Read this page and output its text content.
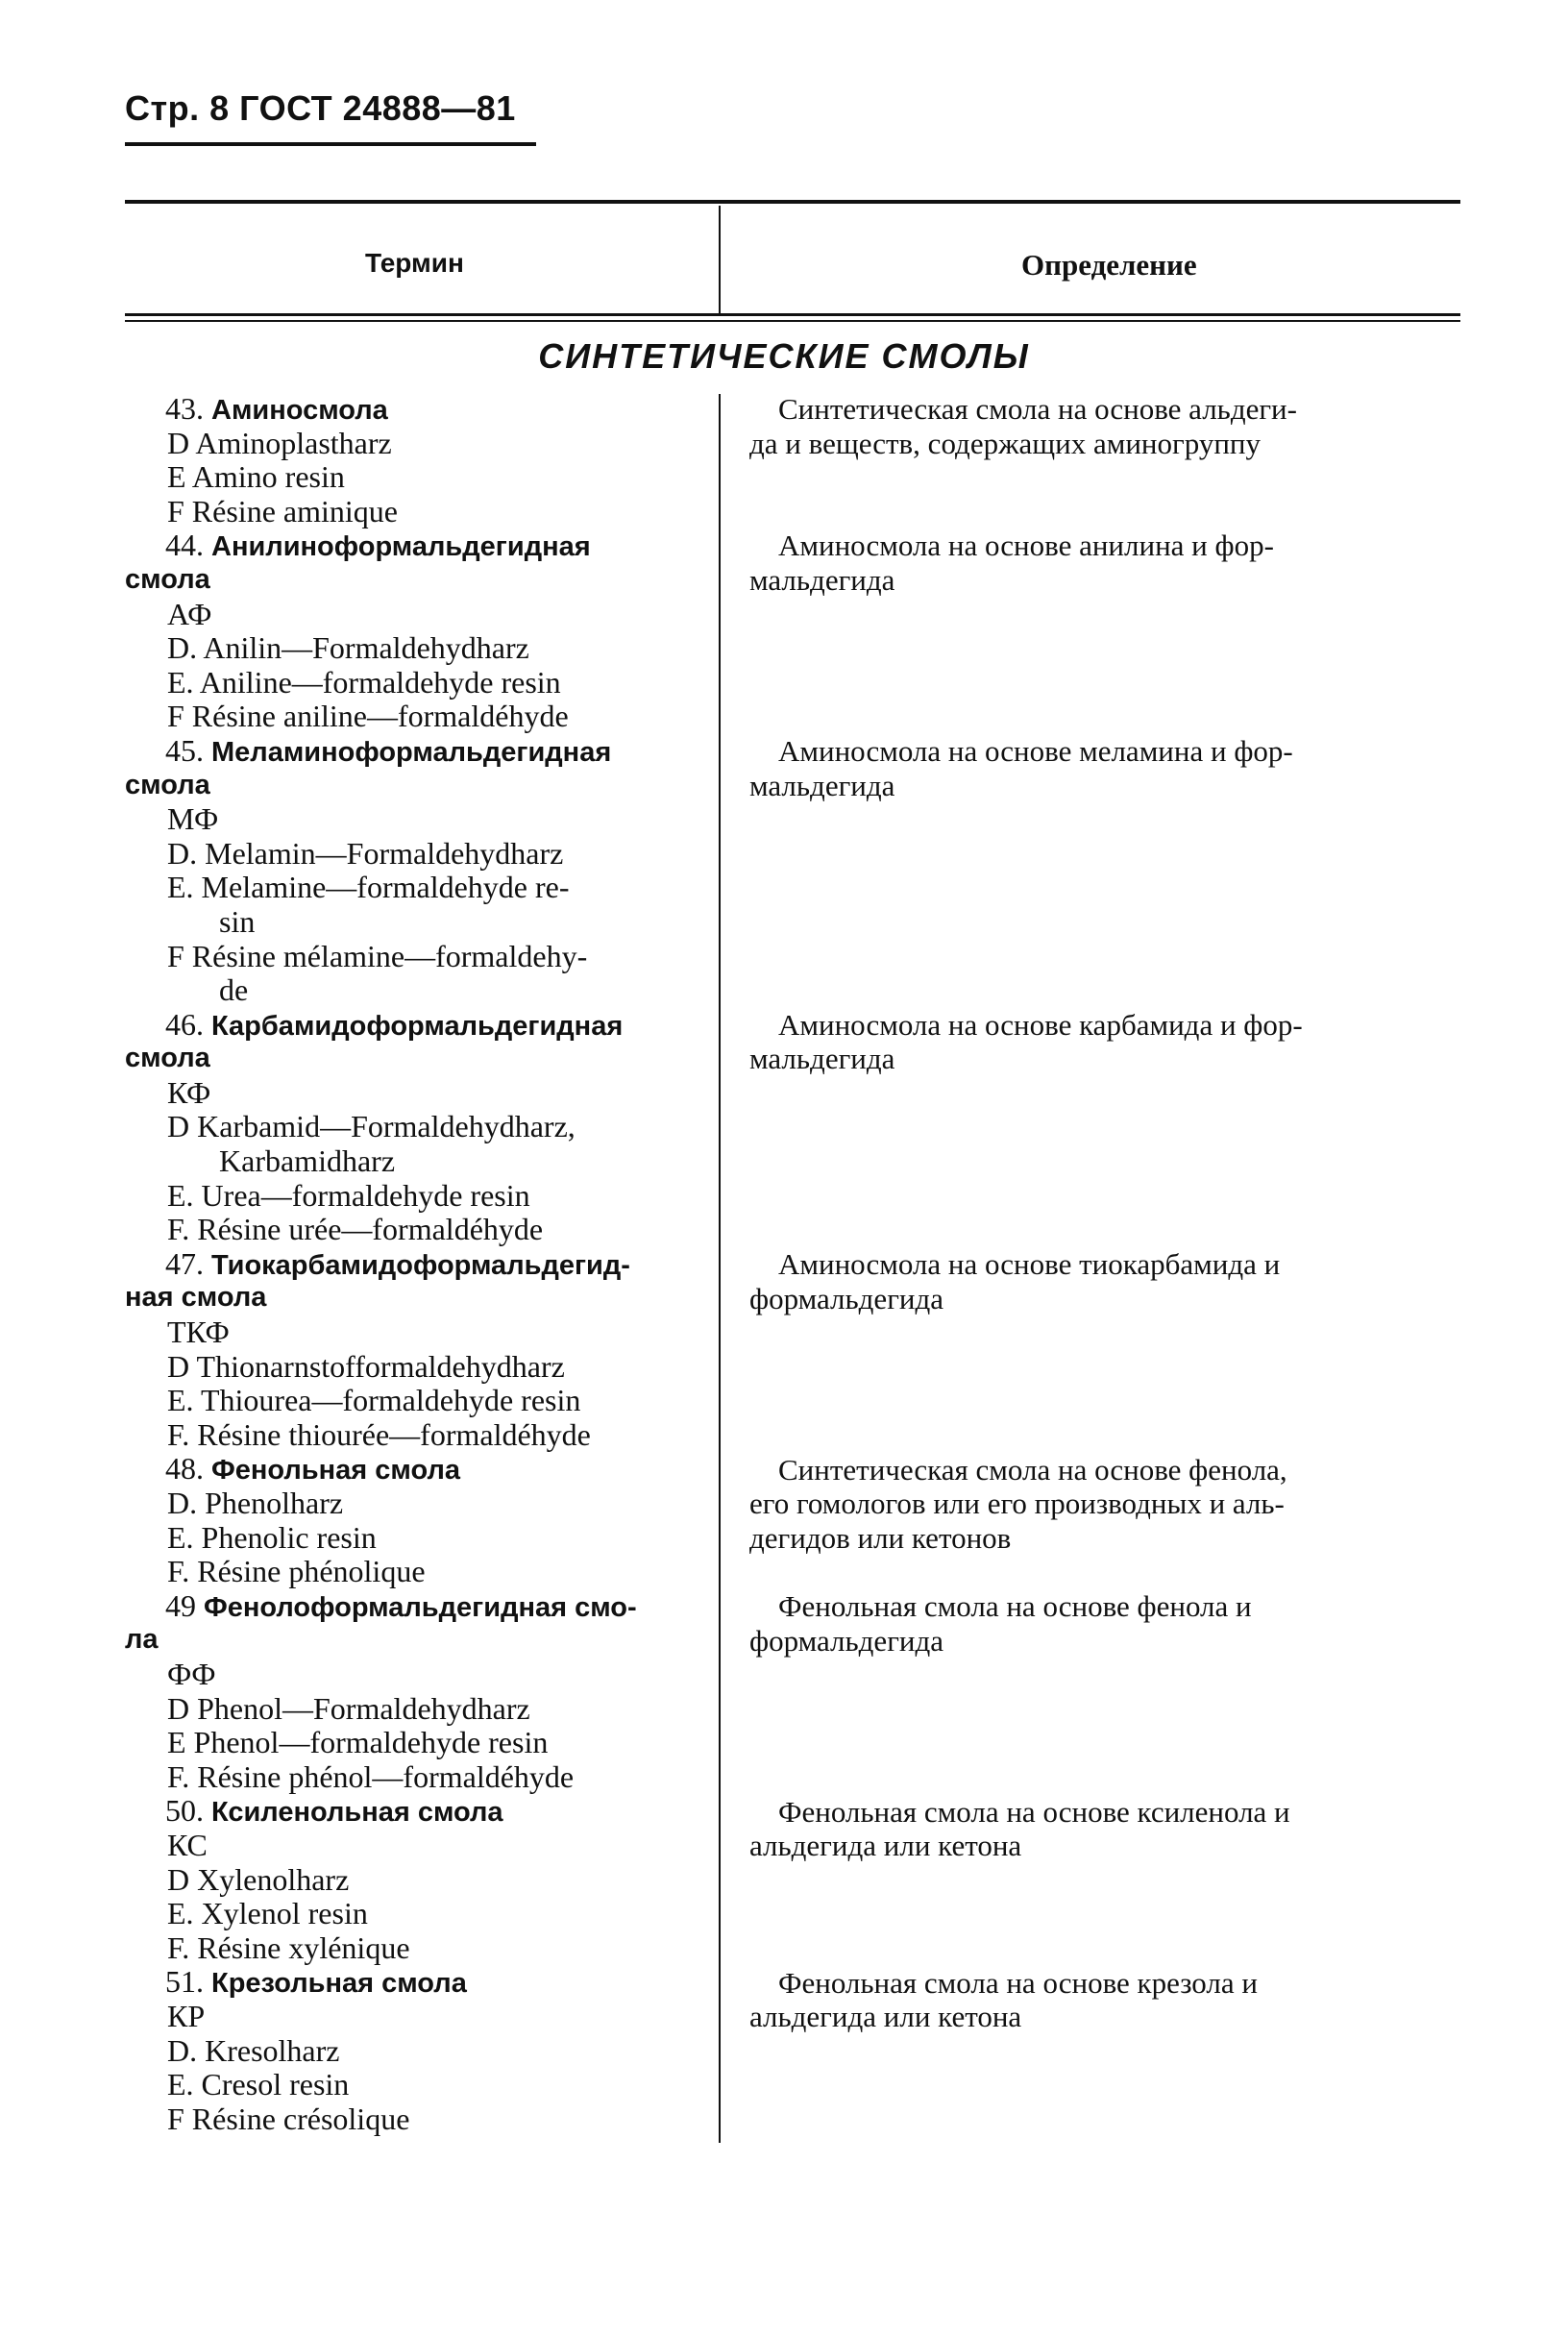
Стр. 8 ГОСТ 24888—81
Термин	Определение
СИНТЕТИЧЕСКИЕ СМОЛЫ
43. Аминосмола
D Aminoplastharz
E Amino resin
F Résine aminique
44. Анилиноформальдегидная
смола
АФ
D. Anilin—Formaldehydharz
E. Aniline—formaldehyde resin
F Résine aniline—formaldéhyde
45. Меламиноформальдегидная
смола
МФ
D. Melamin—Formaldehydharz
E. Melamine—formaldehyde re-
sin
F Résine mélamine—formaldehy-
de
46. Карбамидоформальдегидная
смола
КФ
D Karbamid—Formaldehydharz,
Karbamidharz
E. Urea—formaldehyde resin
F. Résine urée—formaldéhyde
47. Тиокарбамидоформальдегид-
ная смола
ТКФ
D Thionarnstofformaldehydharz
E. Thiourea—formaldehyde resin
F. Résine thiourée—formaldéhyde
48. Фенольная смола
D. Phenolharz
E. Phenolic resin
F. Résine phénolique
49 Фенолоформальдегидная смо-
ла
ФФ
D Phenol—Formaldehydharz
E Phenol—formaldehyde resin
F. Résine phénol—formaldéhyde
50. Ксиленольная смола
КС
D Xylenolharz
E. Xylenol resin
F. Résine xylénique
51. Крезольная смола
КР
D. Kresolharz
E. Cresol resin
F Résine crésolique
Синтетическая смола на основе альдеги-
да и веществ, содержащих аминогруппу
Аминосмола на основе анилина и фор-
мальдегида
Аминосмола на основе меламина и фор-
мальдегида
Аминосмола на основе карбамида и фор-
мальдегида
Аминосмола на основе тиокарбамида и
формальдегида
Синтетическая смола на основе фенола,
его гомологов или его производных и аль-
дегидов или кетонов
Фенольная смола на основе фенола и
формальдегида
Фенольная смола на основе ксиленола и
альдегида или кетона
Фенольная смола на основе крезола и
альдегида или кетона
